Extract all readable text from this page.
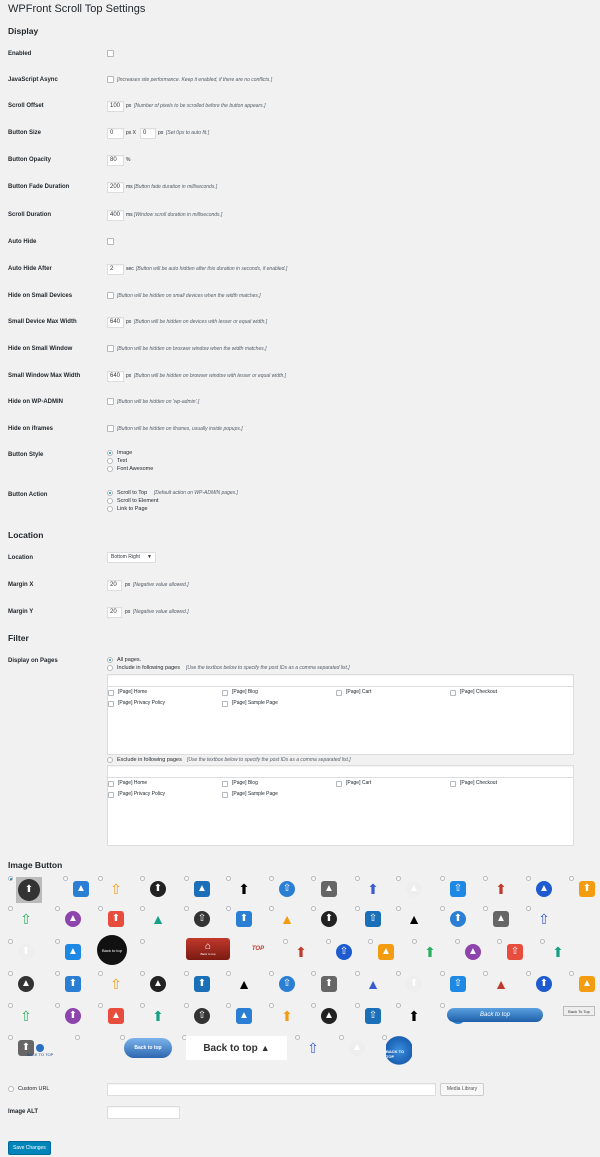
WPFront Scroll Top Settings
Display
Enabled
JavaScript Async	[Increases site performance. Keep it enabled, if there are no conflicts.]
Scroll Offset	100	px [Number of pixels to be scrolled before the button appears.]
Button Size	0	px X	0	px [Set 0px to auto fit.]
Button Opacity	80	%
Button Fade Duration	200	ms [Button fade duration in milliseconds.]
Scroll Duration	400	ms [Window scroll duration in milliseconds.]
Auto Hide
Auto Hide After	2	sec [Button will be auto hidden after this duration in seconds, if enabled.]
Hide on Small Devices	[Button will be hidden on small devices when the width matches.]
Small Device Max Width	640	px [Button will be hidden on devices with lesser or equal width.]
Hide on Small Window	[Button will be hidden on broswer window when the width matches.]
Small Window Max Width	640	px [Button will be hidden on browser window with lesser or equal width.]
Hide on WP-ADMIN	[Button will be hidden on 'wp-admin'.]
Hide on iframes	[Button will be hidden on iframes, usually inside popups.]
Button Style	Image
Text
Font Awesome
Button Action	Scroll to Top [Default action on WP-ADMIN pages.]
Scroll to Element
Link to Page
Location
Location	Bottom Right ▼
Margin X	20	px [Negative value allowed.]
Margin Y	20	px [Negative value allowed.]
Filter
Display on Pages	All pages.
Include in following pages [Use the textbox below to specify the post IDs as a comma separated list.]
[Page] Home	[Page] Blog	[Page] Cart	[Page] Checkout
[Page] Privacy Policy	[Page] Sample Page
Exclude in following pages [Use the textbox below to specify the post IDs as a comma separated list.]
[Page] Home	[Page] Blog	[Page] Cart	[Page] Checkout
[Page] Privacy Policy	[Page] Sample Page
Image Button
⬆	▲ ⇧	⬆	▲ ⬆	⇧	▲ ⬆	▲	⇧ ⬆	▲	⬆
⇧	▲	⬆ ▲	⇧	⬆ ▲	⬆	⇧ ▲	⬆	▲ ⇧
⬆	▲	⬆	⇧	▲ ⬆	▲	⇧ ⬆
▲	⬆ ⇧	▲	⬆ ▲	⇧	⬆ ▲	⬆	⇧ ▲	⬆	▲
⇧	⬆	▲ ⬆	⇧	▲ ⬆	▲	⇧ ⬆
⬆	⇧	▲
Back to top
Back To Top
BACK TO TOP
Back to top	Back to top ▲	BACK TO TOP
Back to top	⌂
Back to top
TOP
Custom URL	Media Library
Image ALT
Save Changes
